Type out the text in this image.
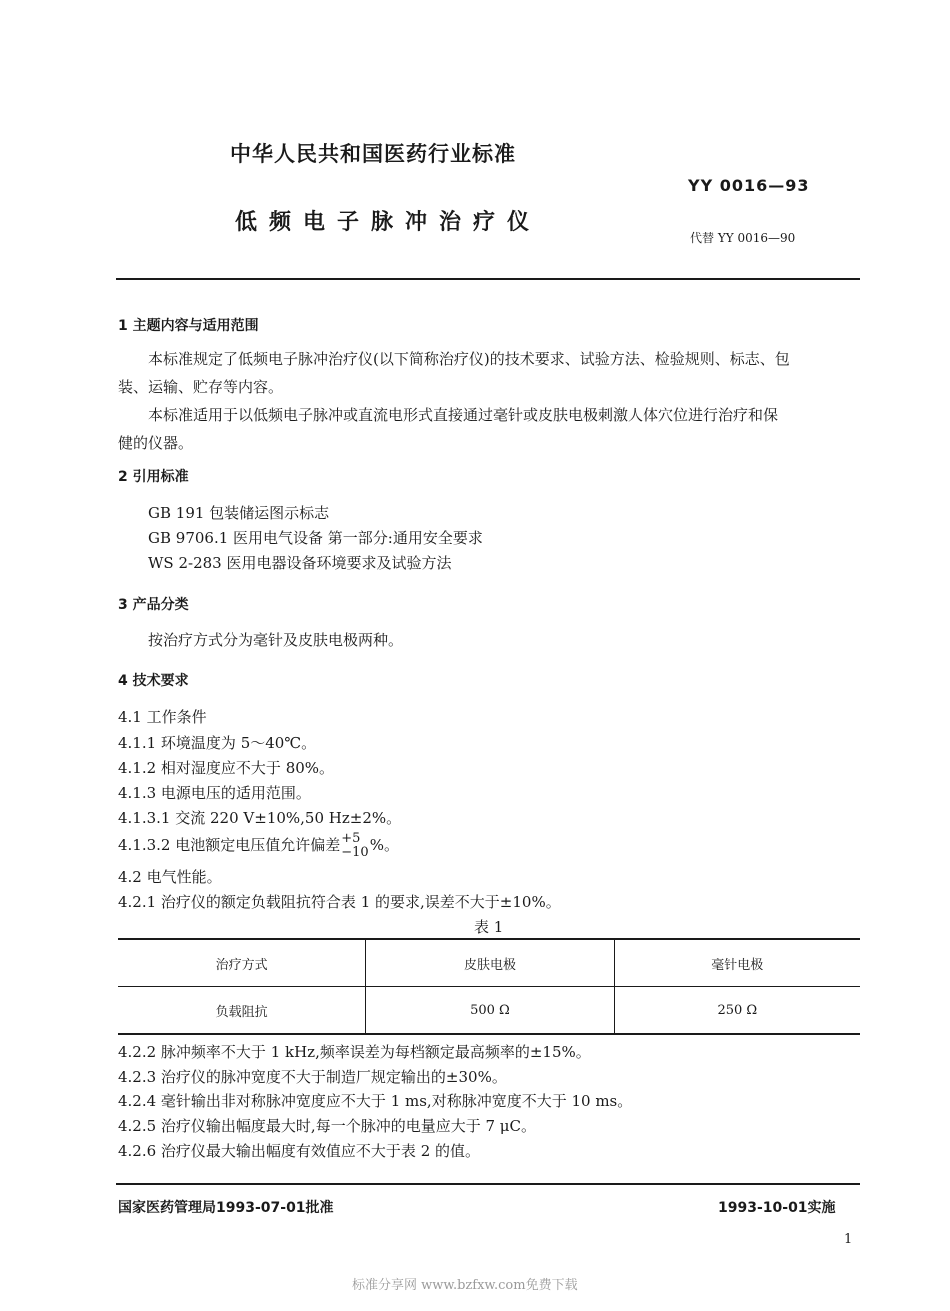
中华人民共和国医药行业标准
YY 0016—93
低频电子脉冲治疗仪
代替 YY 0016—90
1 主题内容与适用范围
本标准规定了低频电子脉冲治疗仪(以下简称治疗仪)的技术要求、试验方法、检验规则、标志、包
装、运输、贮存等内容。
本标准适用于以低频电子脉冲或直流电形式直接通过毫针或皮肤电极刺激人体穴位进行治疗和保
健的仪器。
2 引用标准
GB 191 包装储运图示标志
GB 9706.1 医用电气设备 第一部分:通用安全要求
WS 2-283 医用电器设备环境要求及试验方法
3 产品分类
按治疗方式分为毫针及皮肤电极两种。
4 技术要求
4.1 工作条件
4.1.1 环境温度为 5～40℃。
4.1.2 相对湿度应不大于 80%。
4.1.3 电源电压的适用范围。
4.1.3.1 交流 220 V±10%,50 Hz±2%。
4.1.3.2 电池额定电压值允许偏差 +5
−10 %。
4.2 电气性能。
4.2.1 治疗仪的额定负载阻抗符合表 1 的要求,误差不大于±10%。
表 1
治疗方式	皮肤电极	毫针电极
负载阻抗	500 Ω	250 Ω
4.2.2 脉冲频率不大于 1 kHz,频率误差为每档额定最高频率的±15%。
4.2.3 治疗仪的脉冲宽度不大于制造厂规定输出的±30%。
4.2.4 毫针输出非对称脉冲宽度应不大于 1 ms,对称脉冲宽度不大于 10 ms。
4.2.5 治疗仪输出幅度最大时,每一个脉冲的电量应大于 7 μC。
4.2.6 治疗仪最大输出幅度有效值应不大于表 2 的值。
国家医药管理局1993-07-01批准	1993-10-01实施
1
标准分享网 www.bzfxw.com免费下载
